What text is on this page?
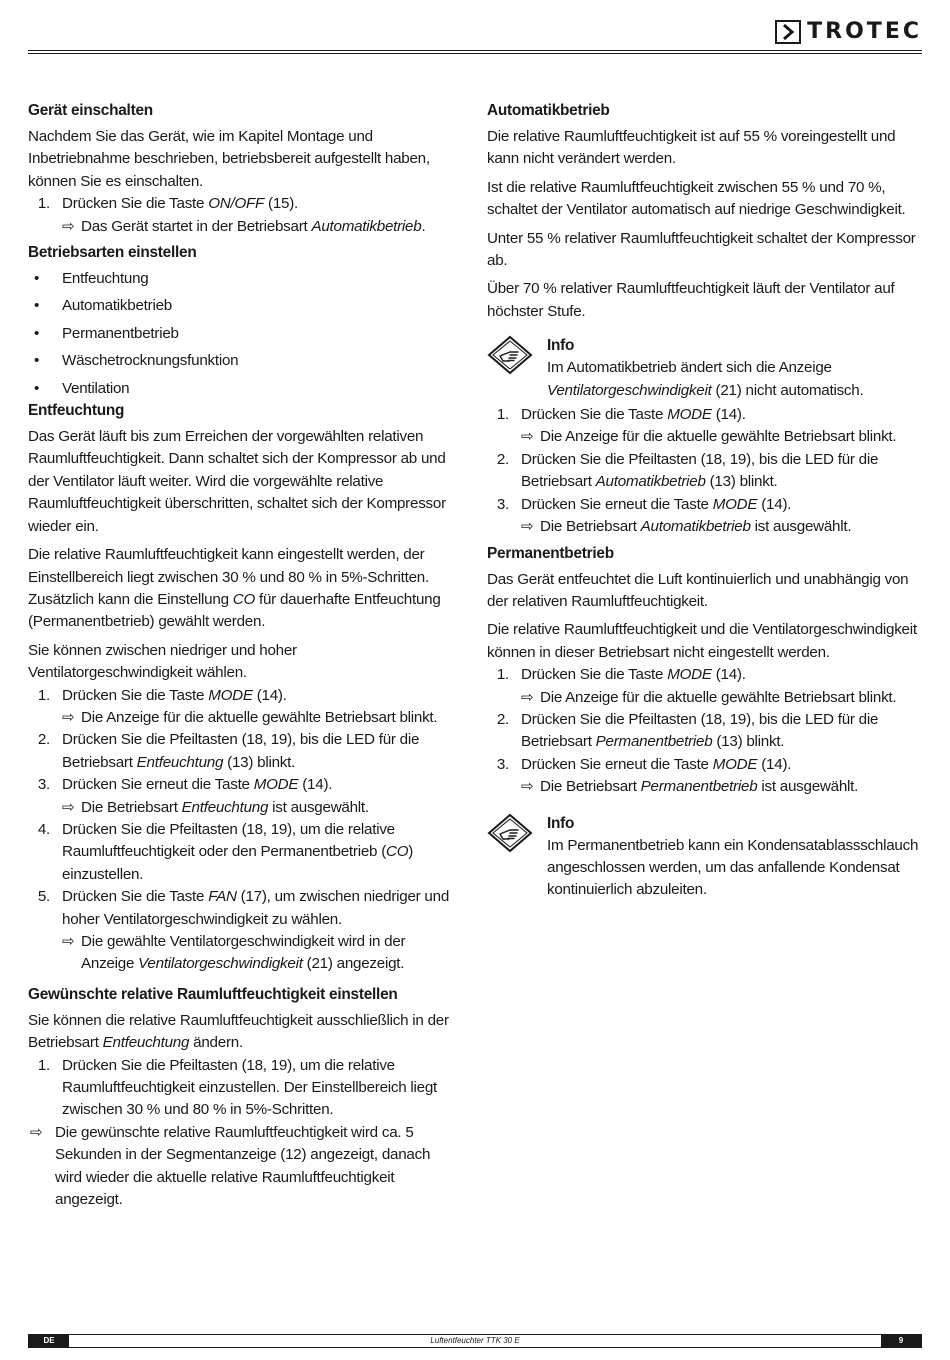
TROTEC
Gerät einschalten

Nachdem Sie das Gerät, wie im Kapitel Montage und Inbetriebnahme beschrieben, betriebsbereit aufgestellt haben, können Sie es einschalten.

1. Drücken Sie die Taste ON/OFF (15).
⇨ Das Gerät startet in der Betriebsart Automatikbetrieb.
Betriebsarten einstellen
•	Entfeuchtung
•	Automatikbetrieb
•	Permanentbetrieb
•	Wäschetrocknungsfunktion
•	Ventilation
Entfeuchtung

Das Gerät läuft bis zum Erreichen der vorgewählten relativen Raumluftfeuchtigkeit. Dann schaltet sich der Kompressor ab und der Ventilator läuft weiter. Wird die vorgewählte relative Raumluftfeuchtigkeit überschritten, schaltet sich der Kompressor wieder ein.

Die relative Raumluftfeuchtigkeit kann eingestellt werden, der Einstellbereich liegt zwischen 30 % und 80 % in 5%-Schritten. Zusätzlich kann die Einstellung CO für dauerhafte Entfeuchtung (Permanentbetrieb) gewählt werden.

Sie können zwischen niedriger und hoher Ventilatorgeschwindigkeit wählen.

1. Drücken Sie die Taste MODE (14).
⇨ Die Anzeige für die aktuelle gewählte Betriebsart blinkt.
2. Drücken Sie die Pfeiltasten (18, 19), bis die LED für die Betriebsart Entfeuchtung (13) blinkt.
3. Drücken Sie erneut die Taste MODE (14).
⇨ Die Betriebsart Entfeuchtung ist ausgewählt.
4. Drücken Sie die Pfeiltasten (18, 19), um die relative Raumluftfeuchtigkeit oder den Permanentbetrieb (CO) einzustellen.
5. Drücken Sie die Taste FAN (17), um zwischen niedriger und hoher Ventilatorgeschwindigkeit zu wählen.
⇨ Die gewählte Ventilatorgeschwindigkeit wird in der Anzeige Ventilatorgeschwindigkeit (21) angezeigt.
Gewünschte relative Raumluftfeuchtigkeit einstellen

Sie können die relative Raumluftfeuchtigkeit ausschließlich in der Betriebsart Entfeuchtung ändern.

1. Drücken Sie die Pfeiltasten (18, 19), um die relative Raumluftfeuchtigkeit einzustellen. Der Einstellbereich liegt zwischen 30 % und 80 % in 5%-Schritten.
⇨ Die gewünschte relative Raumluftfeuchtigkeit wird ca. 5 Sekunden in der Segmentanzeige (12) angezeigt, danach wird wieder die aktuelle relative Raumluftfeuchtigkeit angezeigt.
Automatikbetrieb

Die relative Raumluftfeuchtigkeit ist auf 55 % voreingestellt und kann nicht verändert werden.

Ist die relative Raumluftfeuchtigkeit zwischen 55 % und 70 %, schaltet der Ventilator automatisch auf niedrige Geschwindigkeit.

Unter 55 % relativer Raumluftfeuchtigkeit schaltet der Kompressor ab.

Über 70 % relativer Raumluftfeuchtigkeit läuft der Ventilator auf höchster Stufe.

Info
Im Automatikbetrieb ändert sich die Anzeige Ventilatorgeschwindigkeit (21) nicht automatisch.
1. Drücken Sie die Taste MODE (14).
⇨ Die Anzeige für die aktuelle gewählte Betriebsart blinkt.
2. Drücken Sie die Pfeiltasten (18, 19), bis die LED für die Betriebsart Automatikbetrieb (13) blinkt.
3. Drücken Sie erneut die Taste MODE (14).
⇨ Die Betriebsart Automatikbetrieb ist ausgewählt.
Permanentbetrieb

Das Gerät entfeuchtet die Luft kontinuierlich und unabhängig von der relativen Raumluftfeuchtigkeit.

Die relative Raumluftfeuchtigkeit und die Ventilatorgeschwindigkeit können in dieser Betriebsart nicht eingestellt werden.

1. Drücken Sie die Taste MODE (14).
⇨ Die Anzeige für die aktuelle gewählte Betriebsart blinkt.
2. Drücken Sie die Pfeiltasten (18, 19), bis die LED für die Betriebsart Permanentbetrieb (13) blinkt.
3. Drücken Sie erneut die Taste MODE (14).
⇨ Die Betriebsart Permanentbetrieb ist ausgewählt.
Info
Im Permanentbetrieb kann ein Kondensatablassschlauch angeschlossen werden, um das anfallende Kondensat kontinuierlich abzuleiten.
Luftentfeuchter TTK 30 E
DE	9
